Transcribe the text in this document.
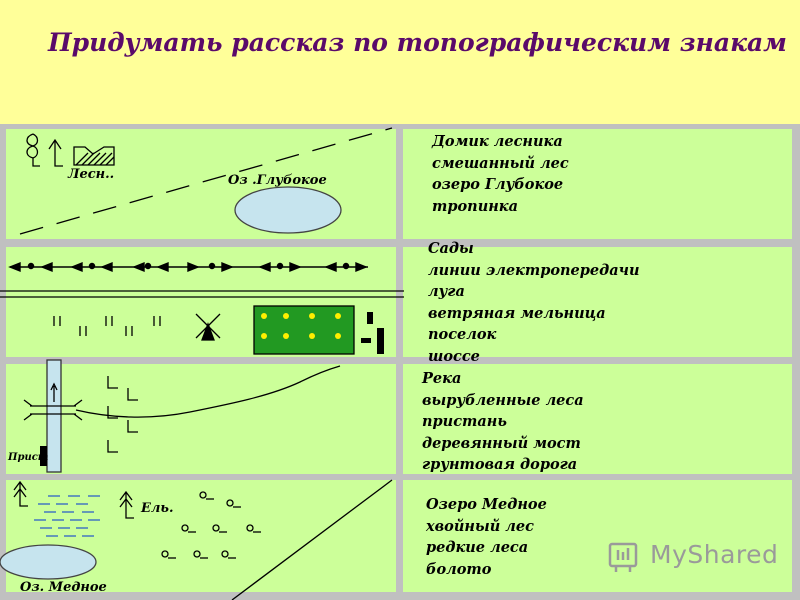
Придумать рассказ по топографическим знакам
Лесн..	Оз .Глубокое
Прист
Ель.
Оз. Медное
Домик лесника
смешанный лес
озеро Глубокое
тропинка
Сады
линии электропередачи
луга
ветряная мельница
поселок
шоссе
Река
вырубленные леса
пристань
деревянный мост
грунтовая дорога
Озеро Медное
хвойный лес
редкие леса
болото	MyShared
